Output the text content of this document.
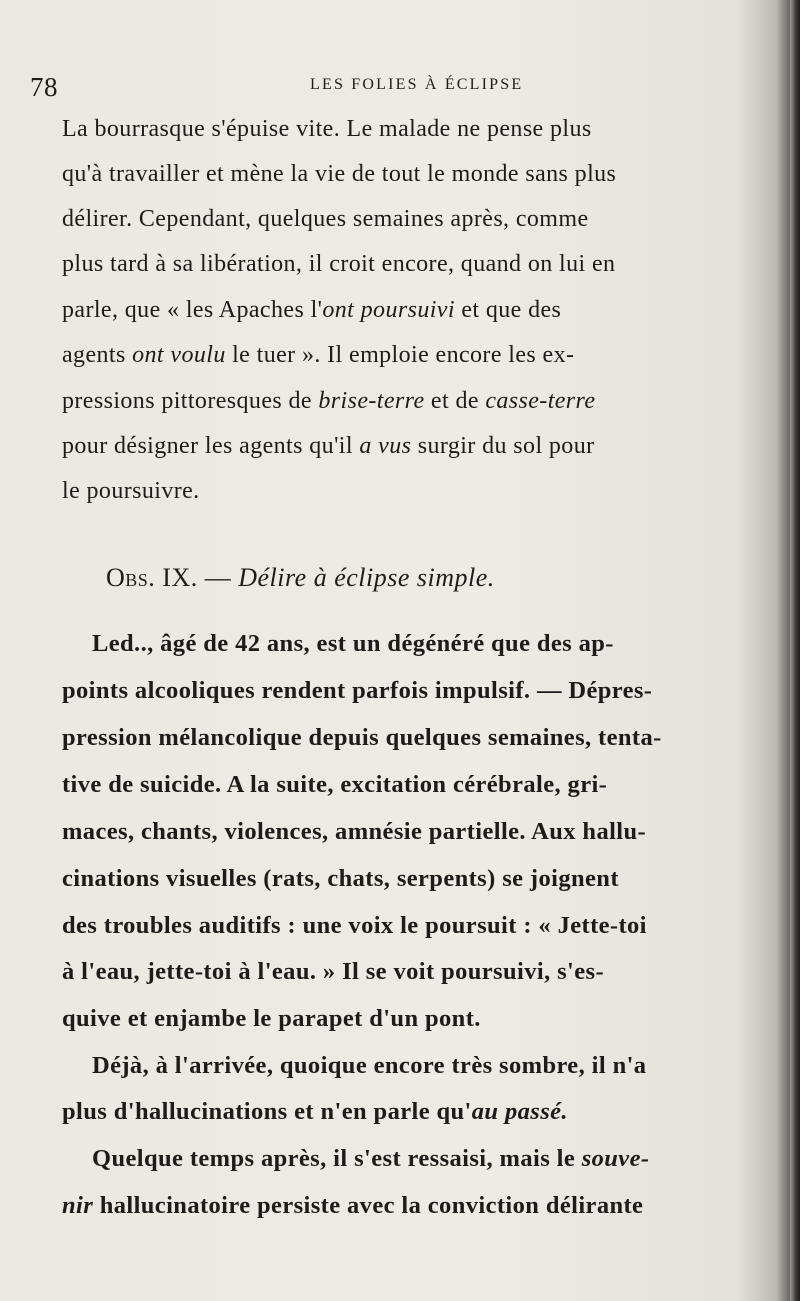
78	LES FOLIES À ÉCLIPSE
La bourrasque s'épuise vite. Le malade ne pense plus
qu'à travailler et mène la vie de tout le monde sans plus
délirer. Cependant, quelques semaines après, comme
plus tard à sa libération, il croit encore, quand on lui en
parle, que « les Apaches l'ont poursuivi et que des
agents ont voulu le tuer ». Il emploie encore les ex-
pressions pittoresques de brise-terre et de casse-terre
pour désigner les agents qu'il a vus surgir du sol pour
le poursuivre.
Obs. IX. — Délire à éclipse simple.
Led.., âgé de 42 ans, est un dégénéré que des ap-
points alcooliques rendent parfois impulsif. — Dépres-
pression mélancolique depuis quelques semaines, tenta-
tive de suicide. A la suite, excitation cérébrale, gri-
maces, chants, violences, amnésie partielle. Aux hallu-
cinations visuelles (rats, chats, serpents) se joignent
des troubles auditifs : une voix le poursuit : « Jette-toi
à l'eau, jette-toi à l'eau. » Il se voit poursuivi, s'es-
quive et enjambe le parapet d'un pont.
Déjà, à l'arrivée, quoique encore très sombre, il n'a
plus d'hallucinations et n'en parle qu'au passé.
Quelque temps après, il s'est ressaisi, mais le souve-
nir hallucinatoire persiste avec la conviction délirante
